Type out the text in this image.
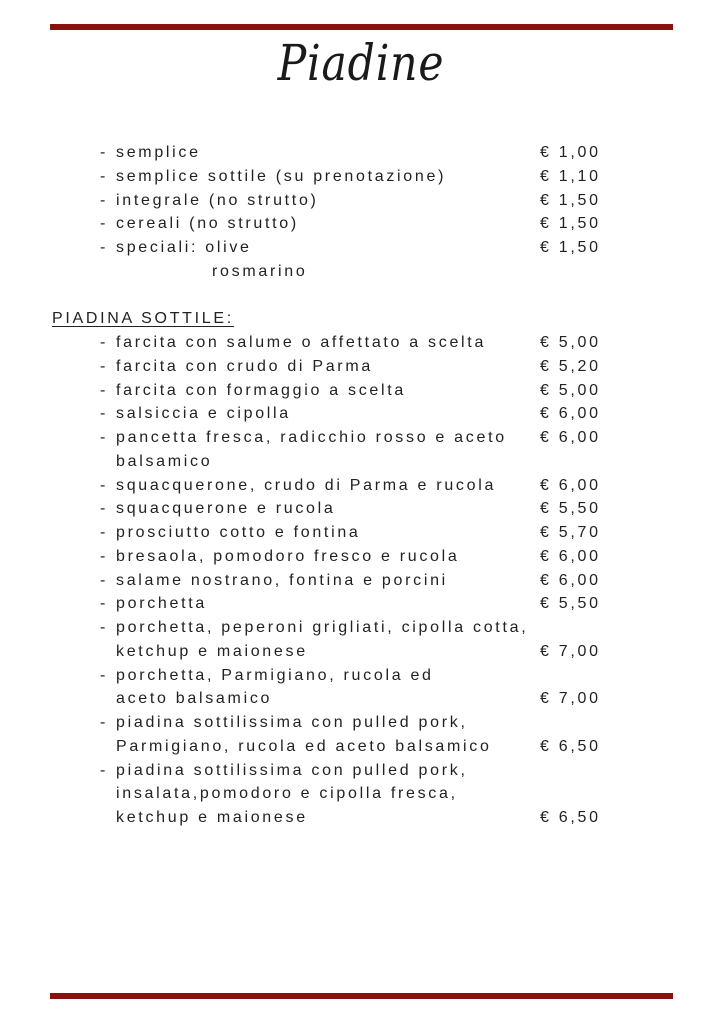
Piadine
- semplice	€ 1,00
- semplice sottile (su prenotazione)	€ 1,10
- integrale (no strutto)	€ 1,50
- cereali (no strutto)	€ 1,50
- speciali: olive	€ 1,50
rosmarino
PIADINA SOTTILE:
- farcita con salume o affettato a scelta	€ 5,00
- farcita con crudo di Parma	€ 5,20
- farcita con formaggio a scelta	€ 5,00
- salsiccia e cipolla	€ 6,00
- pancetta fresca, radicchio rosso e aceto € 6,00
balsamico
- squacquerone, crudo di Parma e rucola	€ 6,00
- squacquerone e rucola	€ 5,50
- prosciutto cotto e fontina	€ 5,70
- bresaola, pomodoro fresco e rucola	€ 6,00
- salame nostrano, fontina e porcini	€ 6,00
- porchetta	€ 5,50
- porchetta, peperoni grigliati, cipolla cotta,
ketchup e maionese	€ 7,00
- porchetta, Parmigiano, rucola ed
aceto balsamico	€ 7,00
- piadina sottilissima con pulled pork,
Parmigiano, rucola ed aceto balsamico	€ 6,50
- piadina sottilissima con pulled pork,
insalata,pomodoro e cipolla fresca,
ketchup e maionese	€ 6,50
